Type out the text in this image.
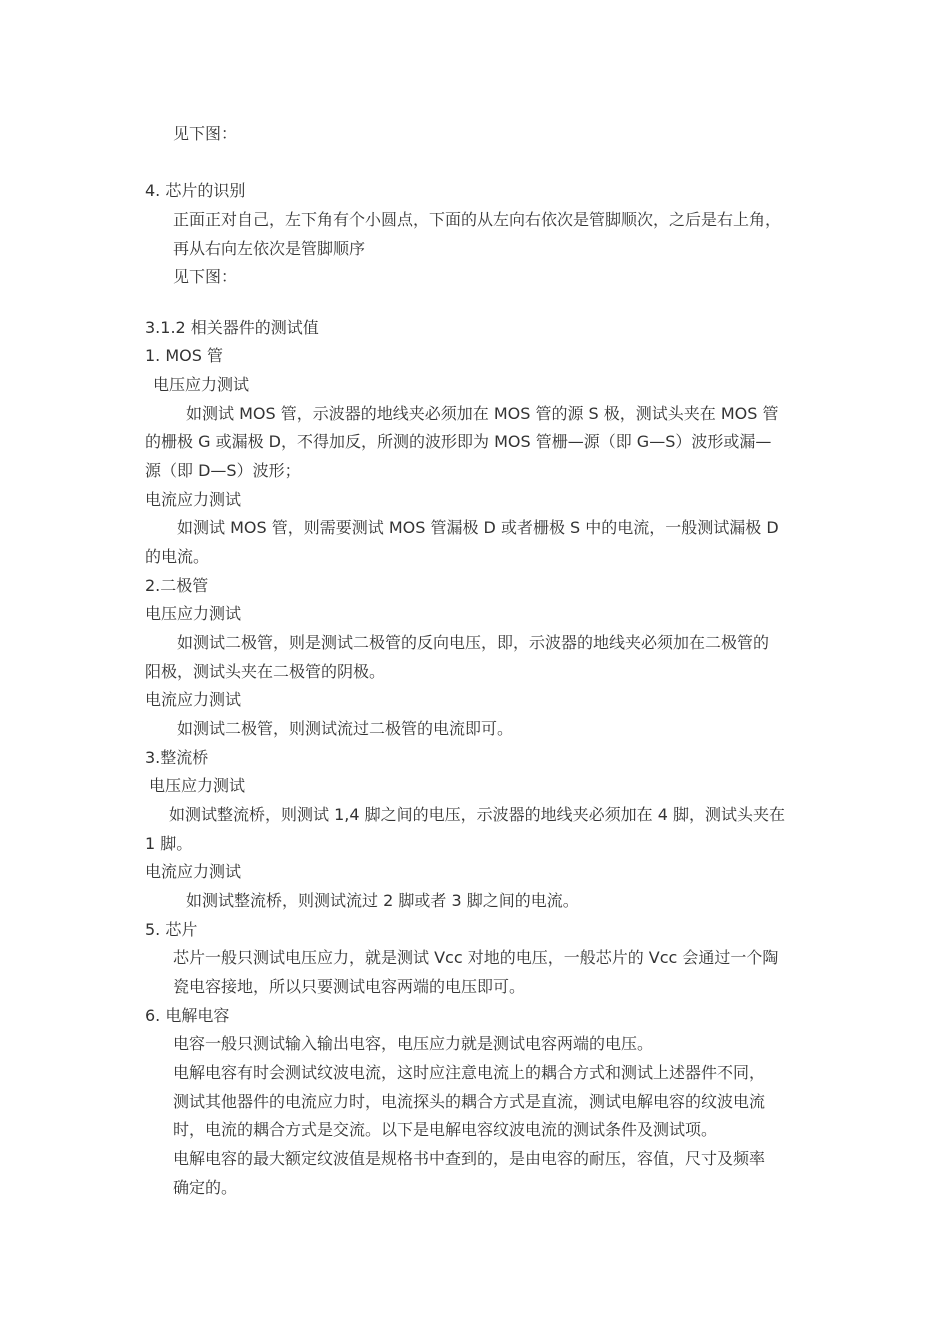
见下图：
4. 芯片的识别
正面正对自己，左下角有个小圆点，下面的从左向右依次是管脚顺次，之后是右上角，
再从右向左依次是管脚顺序
见下图：
3.1.2 相关器件的测试值
1. MOS 管
电压应力测试
如测试 MOS 管，示波器的地线夹必须加在 MOS 管的源 S 极，测试头夹在 MOS 管
的栅极 G 或漏极 D，不得加反，所测的波形即为 MOS 管栅—源（即 G—S）波形或漏—
源（即 D—S）波形；
电流应力测试
如测试 MOS 管，则需要测试 MOS 管漏极 D 或者栅极 S 中的电流，一般测试漏极 D
的电流。
2.二极管
电压应力测试
如测试二极管，则是测试二极管的反向电压，即，示波器的地线夹必须加在二极管的
阳极，测试头夹在二极管的阴极。
电流应力测试
如测试二极管，则测试流过二极管的电流即可。
3.整流桥
电压应力测试
如测试整流桥，则测试 1,4 脚之间的电压，示波器的地线夹必须加在 4 脚，测试头夹在
1 脚。
电流应力测试
如测试整流桥，则测试流过 2 脚或者 3 脚之间的电流。
5. 芯片
芯片一般只测试电压应力，就是测试 Vcc 对地的电压，一般芯片的 Vcc 会通过一个陶
瓷电容接地，所以只要测试电容两端的电压即可。
6. 电解电容
电容一般只测试输入输出电容，电压应力就是测试电容两端的电压。
电解电容有时会测试纹波电流，这时应注意电流上的耦合方式和测试上述器件不同，
测试其他器件的电流应力时，电流探头的耦合方式是直流，测试电解电容的纹波电流
时，电流的耦合方式是交流。以下是电解电容纹波电流的测试条件及测试项。
电解电容的最大额定纹波值是规格书中查到的，是由电容的耐压，容值，尺寸及频率
确定的。
